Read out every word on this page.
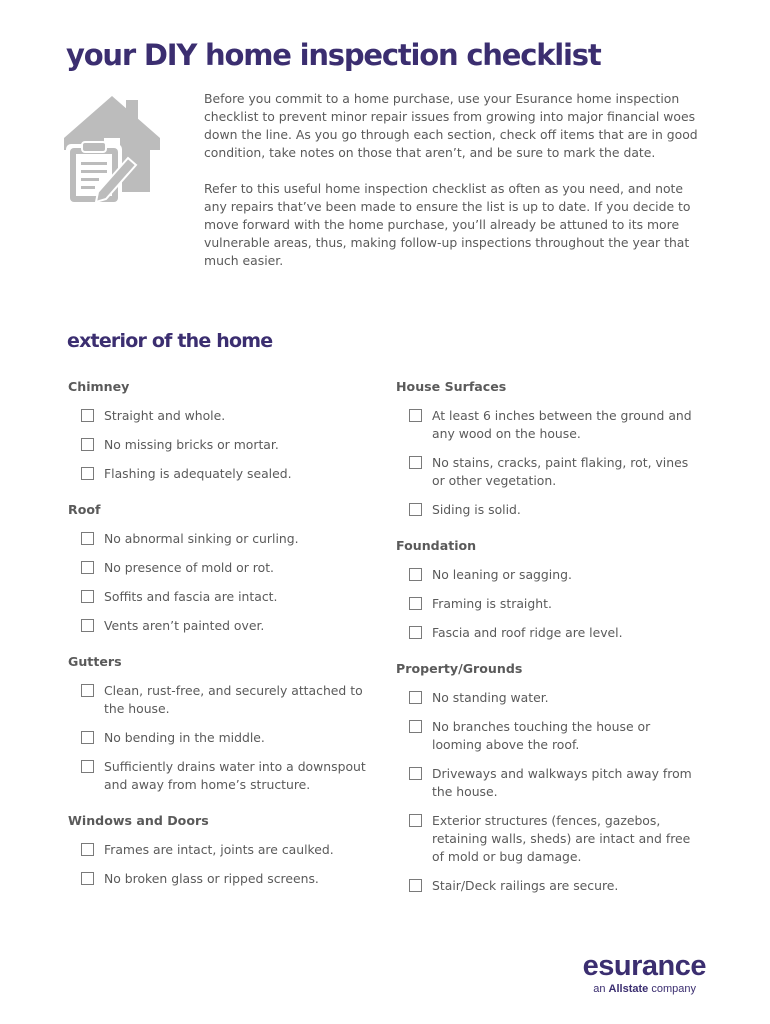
your DIY home inspection checklist

Before you commit to a home purchase, use your Esurance home inspection checklist to prevent minor repair issues from growing into major financial woes down the line. As you go through each section, check off items that are in good condition, take notes on those that aren’t, and be sure to mark the date.

Refer to this useful home inspection checklist as often as you need, and note any repairs that’ve been made to ensure the list is up to date. If you decide to move forward with the home purchase, you’ll already be attuned to its more vulnerable areas, thus, making follow-up inspections throughout the year that much easier.

exterior of the home
Chimney
Straight and whole.
No missing bricks or mortar.
Flashing is adequately sealed.
Roof
No abnormal sinking or curling.
No presence of mold or rot.
Soffits and fascia are intact.
Vents aren’t painted over.
Gutters
Clean, rust-free, and securely attached to the house.
No bending in the middle.
Sufficiently drains water into a downspout and away from home’s structure.
Windows and Doors
Frames are intact, joints are caulked.
No broken glass or ripped screens.
House Surfaces
At least 6 inches between the ground and any wood on the house.
No stains, cracks, paint flaking, rot, vines or other vegetation.
Siding is solid.
Foundation
No leaning or sagging.
Framing is straight.
Fascia and roof ridge are level.
Property/Grounds
No standing water.
No branches touching the house or looming above the roof.
Driveways and walkways pitch away from the house.
Exterior structures (fences, gazebos, retaining walls, sheds) are intact and free of mold or bug damage.
Stair/Deck railings are secure.
esurance
an Allstate company
